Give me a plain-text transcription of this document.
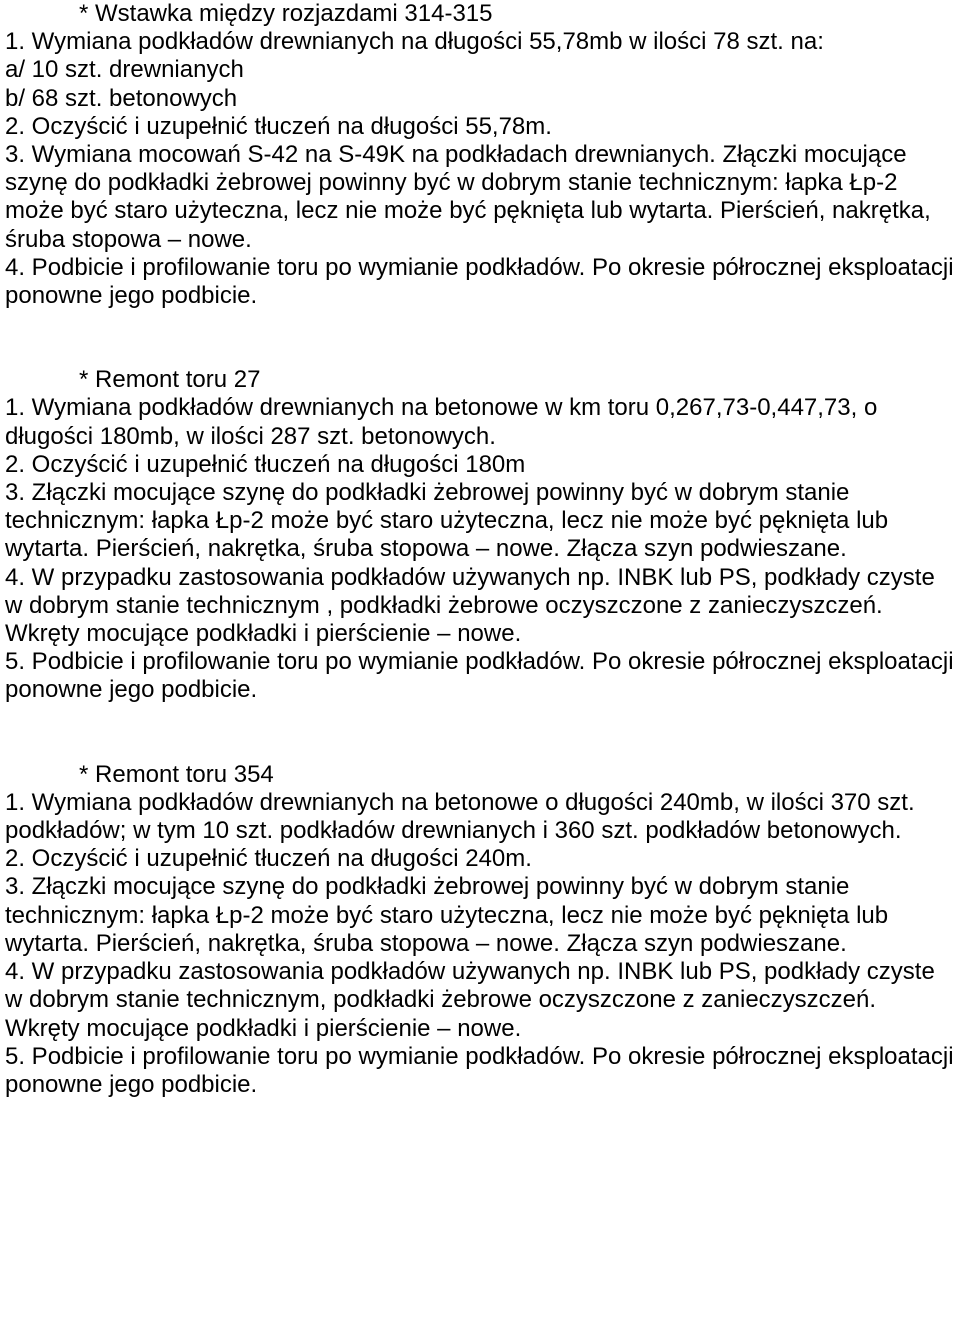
* Wstawka między rozjazdami 314-315
1. Wymiana podkładów drewnianych na długości 55,78mb w ilości 78 szt. na:
a/ 10 szt. drewnianych
b/ 68 szt. betonowych
2. Oczyścić i uzupełnić tłuczeń na długości 55,78m.
3. Wymiana mocowań S-42 na S-49K na podkładach drewnianych. Złączki mocujące szynę do podkładki żebrowej powinny być w dobrym stanie technicznym: łapka Łp-2 może być staro użyteczna, lecz nie może być pęknięta lub wytarta. Pierścień, nakrętka, śruba stopowa – nowe.
4. Podbicie i profilowanie toru po wymianie podkładów. Po okresie półrocznej eksploatacji ponowne jego podbicie.
* Remont toru 27
1. Wymiana podkładów drewnianych na betonowe w km toru 0,267,73-0,447,73, o długości 180mb, w ilości 287 szt. betonowych.
2. Oczyścić i uzupełnić tłuczeń na długości 180m
3. Złączki mocujące szynę do podkładki żebrowej powinny być w dobrym stanie technicznym: łapka Łp-2 może być staro użyteczna, lecz nie może być pęknięta lub wytarta. Pierścień, nakrętka, śruba stopowa – nowe. Złącza szyn podwieszane.
4. W przypadku zastosowania podkładów używanych np. INBK lub PS, podkłady czyste w dobrym stanie technicznym , podkładki żebrowe oczyszczone z zanieczyszczeń. Wkręty mocujące podkładki i pierścienie – nowe.
5. Podbicie i profilowanie toru po wymianie podkładów. Po okresie półrocznej eksploatacji ponowne jego podbicie.
* Remont toru 354
1. Wymiana podkładów drewnianych na betonowe o długości 240mb, w ilości 370 szt. podkładów; w tym 10 szt. podkładów drewnianych i 360 szt. podkładów betonowych.
2. Oczyścić i uzupełnić tłuczeń na długości 240m.
3. Złączki mocujące szynę do podkładki żebrowej powinny być w dobrym stanie technicznym: łapka Łp-2 może być staro użyteczna, lecz nie może być pęknięta lub wytarta. Pierścień, nakrętka, śruba stopowa – nowe. Złącza szyn podwieszane.
4. W przypadku zastosowania podkładów używanych np. INBK lub PS, podkłady czyste w dobrym stanie technicznym, podkładki żebrowe oczyszczone z zanieczyszczeń. Wkręty mocujące podkładki i pierścienie – nowe.
5. Podbicie i profilowanie toru po wymianie podkładów. Po okresie półrocznej eksploatacji ponowne jego podbicie.
